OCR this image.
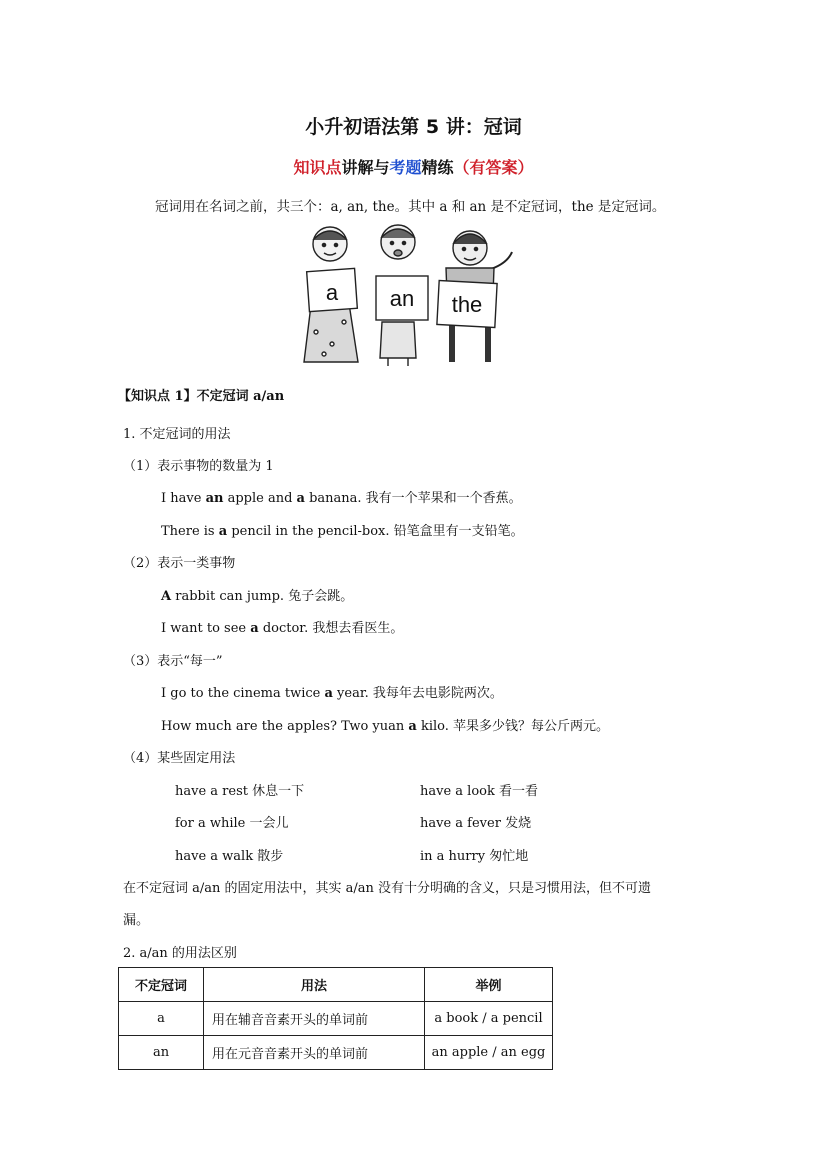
小升初语法第 5 讲：冠词
知识点讲解与考题精练（有答案）
冠词用在名词之前，共三个：a, an, the。其中 a 和 an 是不定冠词，the 是定冠词。
a an the
【知识点 1】不定冠词 a/an
1. 不定冠词的用法
（1）表示事物的数量为 1
I have an apple and a banana. 我有一个苹果和一个香蕉。
There is a pencil in the pencil-box. 铅笔盒里有一支铅笔。
（2）表示一类事物
A rabbit can jump. 兔子会跳。
I want to see a doctor. 我想去看医生。
（3）表示“每一”
I go to the cinema twice a year. 我每年去电影院两次。
How much are the apples? Two yuan a kilo. 苹果多少钱？每公斤两元。
（4）某些固定用法
have a rest 休息一下	have a look 看一看
for a while 一会儿	have a fever 发烧
have a walk 散步	in a hurry 匆忙地
在不定冠词 a/an 的固定用法中，其实 a/an 没有十分明确的含义，只是习惯用法，但不可遗
漏。
2. a/an 的用法区别
不定冠词	用法	举例
a	用在辅音音素开头的单词前	a book / a pencil
an	用在元音音素开头的单词前	an apple / an egg
